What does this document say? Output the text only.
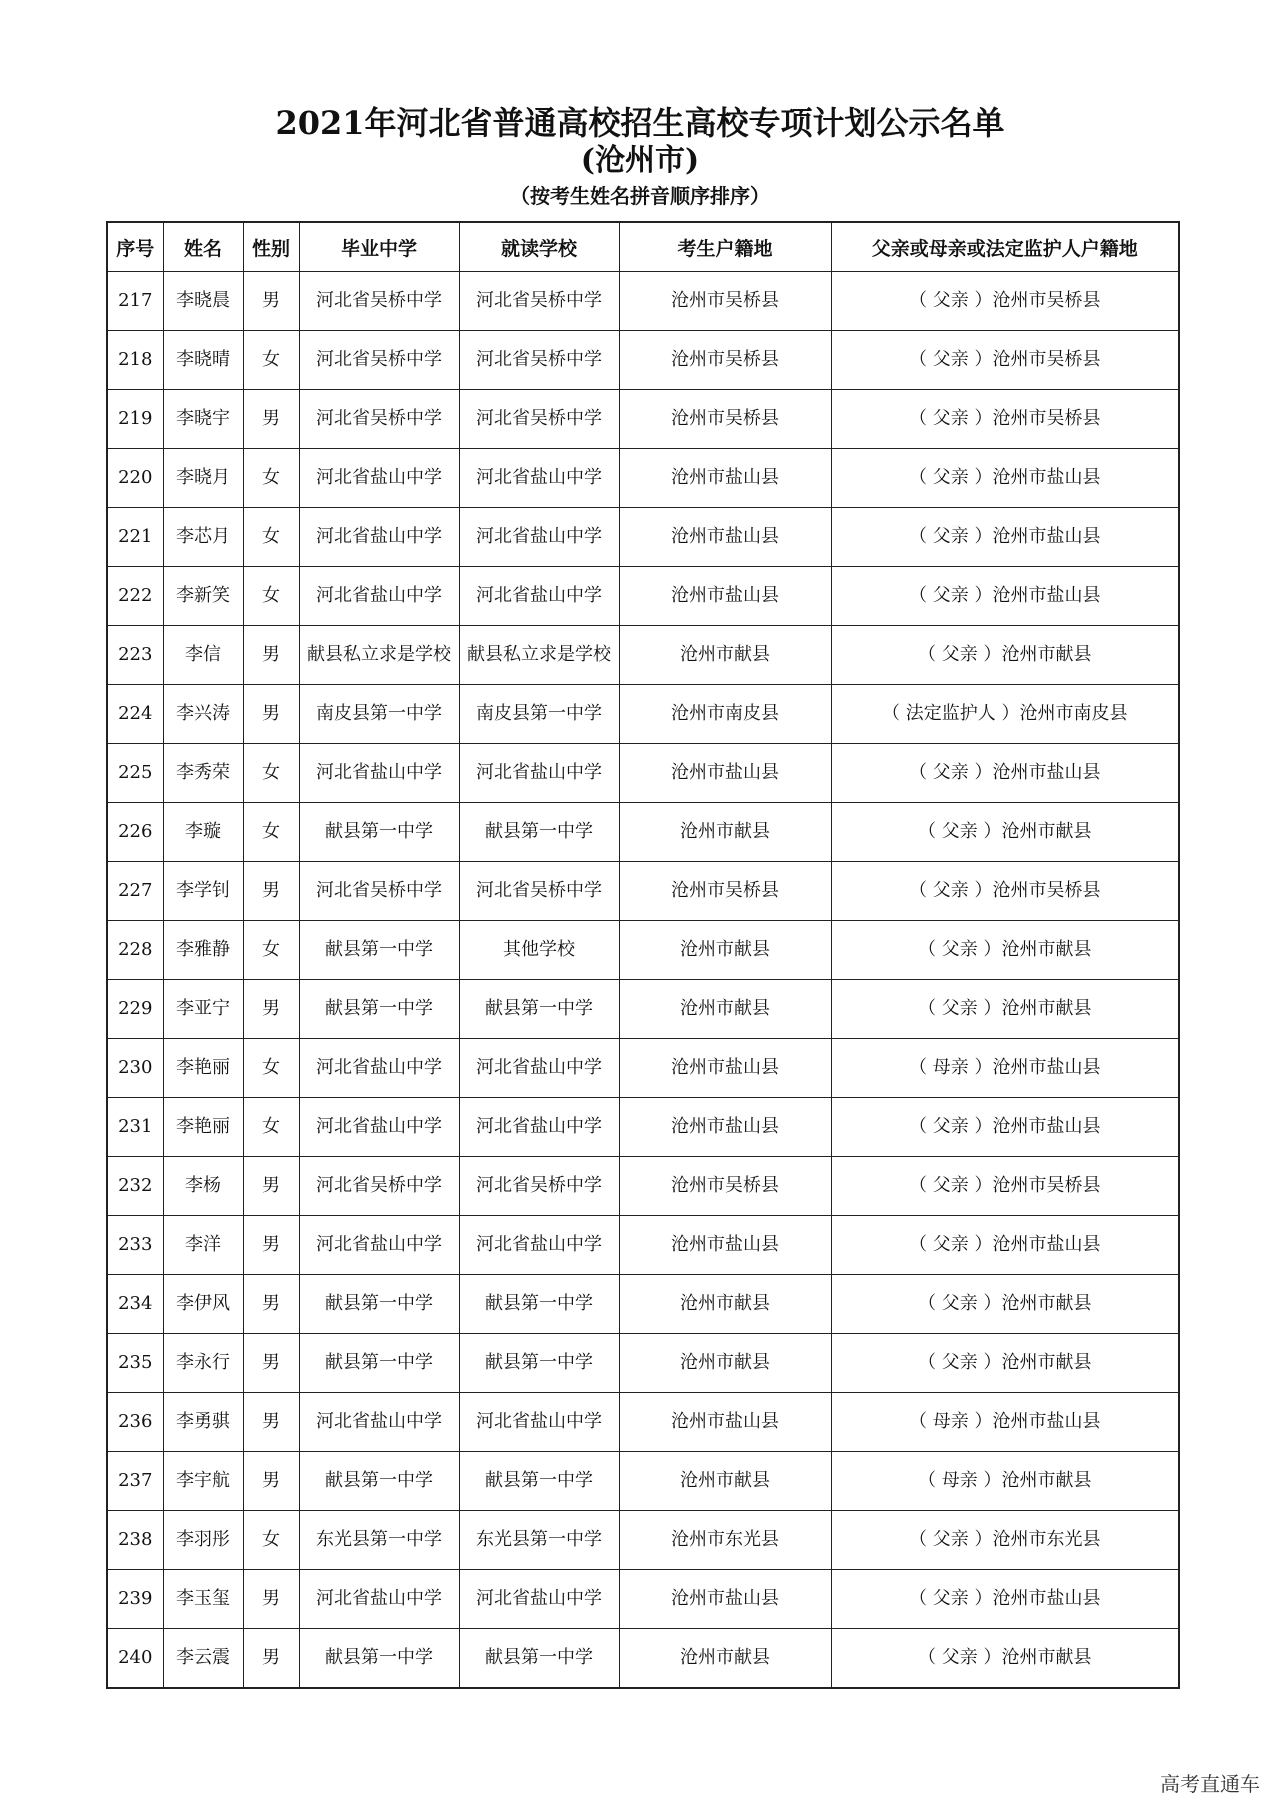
2021年河北省普通高校招生高校专项计划公示名单
(沧州市)
（按考生姓名拼音顺序排序）
序号	姓名	性别	毕业中学	就读学校	考生户籍地	父亲或母亲或法定监护人户籍地
217	李晓晨	男	河北省吴桥中学	河北省吴桥中学	沧州市吴桥县	（ 父亲 ）沧州市吴桥县
218	李晓晴	女	河北省吴桥中学	河北省吴桥中学	沧州市吴桥县	（ 父亲 ）沧州市吴桥县
219	李晓宇	男	河北省吴桥中学	河北省吴桥中学	沧州市吴桥县	（ 父亲 ）沧州市吴桥县
220	李晓月	女	河北省盐山中学	河北省盐山中学	沧州市盐山县	（ 父亲 ）沧州市盐山县
221	李芯月	女	河北省盐山中学	河北省盐山中学	沧州市盐山县	（ 父亲 ）沧州市盐山县
222	李新笑	女	河北省盐山中学	河北省盐山中学	沧州市盐山县	（ 父亲 ）沧州市盐山县
223	李信	男	献县私立求是学校	献县私立求是学校	沧州市献县	（ 父亲 ）沧州市献县
224	李兴涛	男	南皮县第一中学	南皮县第一中学	沧州市南皮县	（ 法定监护人 ）沧州市南皮县
225	李秀荣	女	河北省盐山中学	河北省盐山中学	沧州市盐山县	（ 父亲 ）沧州市盐山县
226	李璇	女	献县第一中学	献县第一中学	沧州市献县	（ 父亲 ）沧州市献县
227	李学钊	男	河北省吴桥中学	河北省吴桥中学	沧州市吴桥县	（ 父亲 ）沧州市吴桥县
228	李雅静	女	献县第一中学	其他学校	沧州市献县	（ 父亲 ）沧州市献县
229	李亚宁	男	献县第一中学	献县第一中学	沧州市献县	（ 父亲 ）沧州市献县
230	李艳丽	女	河北省盐山中学	河北省盐山中学	沧州市盐山县	（ 母亲 ）沧州市盐山县
231	李艳丽	女	河北省盐山中学	河北省盐山中学	沧州市盐山县	（ 父亲 ）沧州市盐山县
232	李杨	男	河北省吴桥中学	河北省吴桥中学	沧州市吴桥县	（ 父亲 ）沧州市吴桥县
233	李洋	男	河北省盐山中学	河北省盐山中学	沧州市盐山县	（ 父亲 ）沧州市盐山县
234	李伊风	男	献县第一中学	献县第一中学	沧州市献县	（ 父亲 ）沧州市献县
235	李永行	男	献县第一中学	献县第一中学	沧州市献县	（ 父亲 ）沧州市献县
236	李勇骐	男	河北省盐山中学	河北省盐山中学	沧州市盐山县	（ 母亲 ）沧州市盐山县
237	李宇航	男	献县第一中学	献县第一中学	沧州市献县	（ 母亲 ）沧州市献县
238	李羽彤	女	东光县第一中学	东光县第一中学	沧州市东光县	（ 父亲 ）沧州市东光县
239	李玉玺	男	河北省盐山中学	河北省盐山中学	沧州市盐山县	（ 父亲 ）沧州市盐山县
240	李云震	男	献县第一中学	献县第一中学	沧州市献县	（ 父亲 ）沧州市献县
高考直通车
